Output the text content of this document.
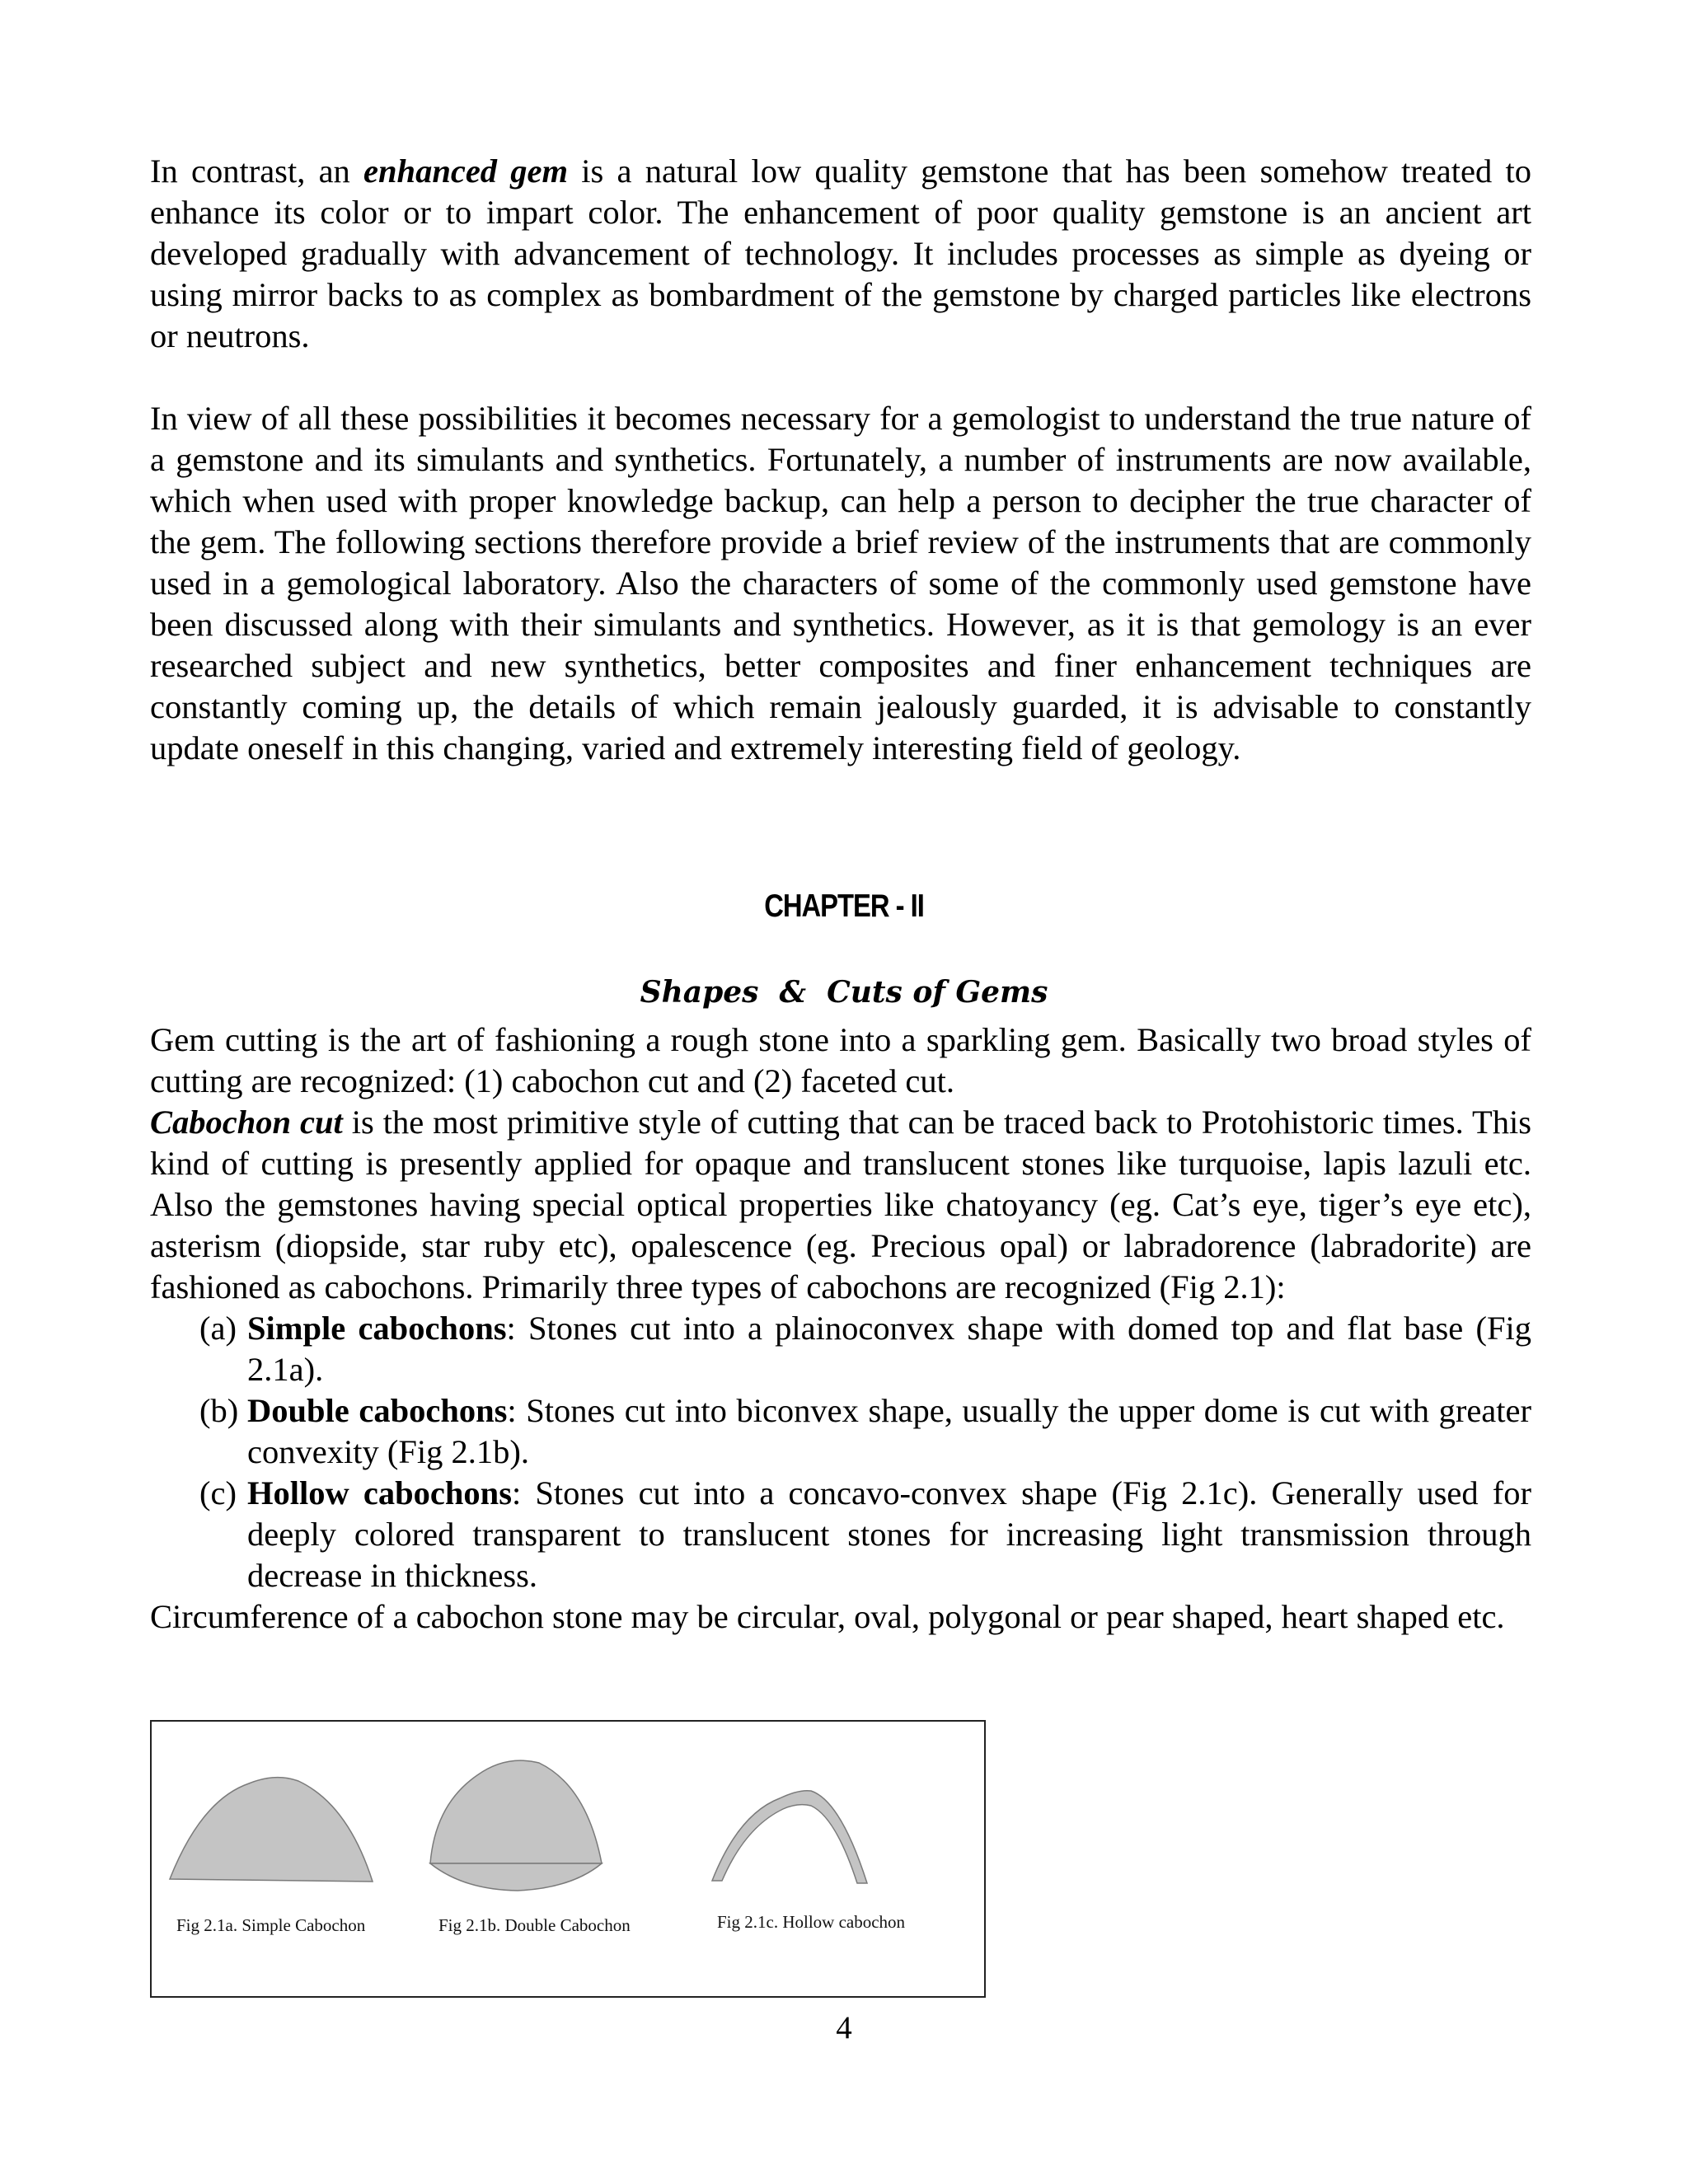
In contrast, an enhanced gem is a natural low quality gemstone that has been somehow treated to enhance its color or to impart color. The enhancement of poor quality gemstone is an ancient art developed gradually with advancement of technology. It includes processes as simple as dyeing or using mirror backs to as complex as bombardment of the gemstone by charged particles like electrons or neutrons.
In view of all these possibilities it becomes necessary for a gemologist to understand the true nature of a gemstone and its simulants and synthetics. Fortunately, a number of instruments are now available, which when used with proper knowledge backup, can help a person to decipher the true character of the gem. The following sections therefore provide a brief review of the instruments that are commonly used in a gemological laboratory. Also the characters of some of the commonly used gemstone have been discussed along with their simulants and synthetics. However, as it is that gemology is an ever researched subject and new synthetics, better composites and finer enhancement techniques are constantly coming up, the details of which remain jealously guarded, it is advisable to constantly update oneself in this changing, varied and extremely interesting field of geology.
CHAPTER - II
Shapes  &  Cuts of Gems
Gem cutting is the art of fashioning a rough stone into a sparkling gem. Basically two broad styles of cutting are recognized: (1) cabochon cut and (2) faceted cut.
Cabochon cut is the most primitive style of cutting that can be traced back to Protohistoric times. This kind of cutting is presently applied for opaque and translucent stones like turquoise, lapis lazuli etc. Also the gemstones having special optical properties like chatoyancy (eg. Cat’s eye, tiger’s eye etc), asterism (diopside, star ruby etc), opalescence (eg. Precious opal) or labradorence (labradorite) are fashioned as cabochons. Primarily three types of cabochons are recognized (Fig 2.1):
(a) Simple cabochons: Stones cut into a plainoconvex shape with domed top and flat base (Fig 2.1a).
(b) Double cabochons: Stones cut into biconvex shape, usually the upper dome is cut with greater convexity (Fig 2.1b).
(c) Hollow cabochons: Stones cut into a concavo-convex shape (Fig 2.1c). Generally used for deeply colored transparent to translucent stones for increasing light transmission through decrease in thickness.
Circumference of a cabochon stone may be circular, oval, polygonal or pear shaped, heart shaped etc.
Fig 2.1a. Simple Cabochon	Fig 2.1b. Double Cabochon	Fig 2.1c. Hollow cabochon
4
